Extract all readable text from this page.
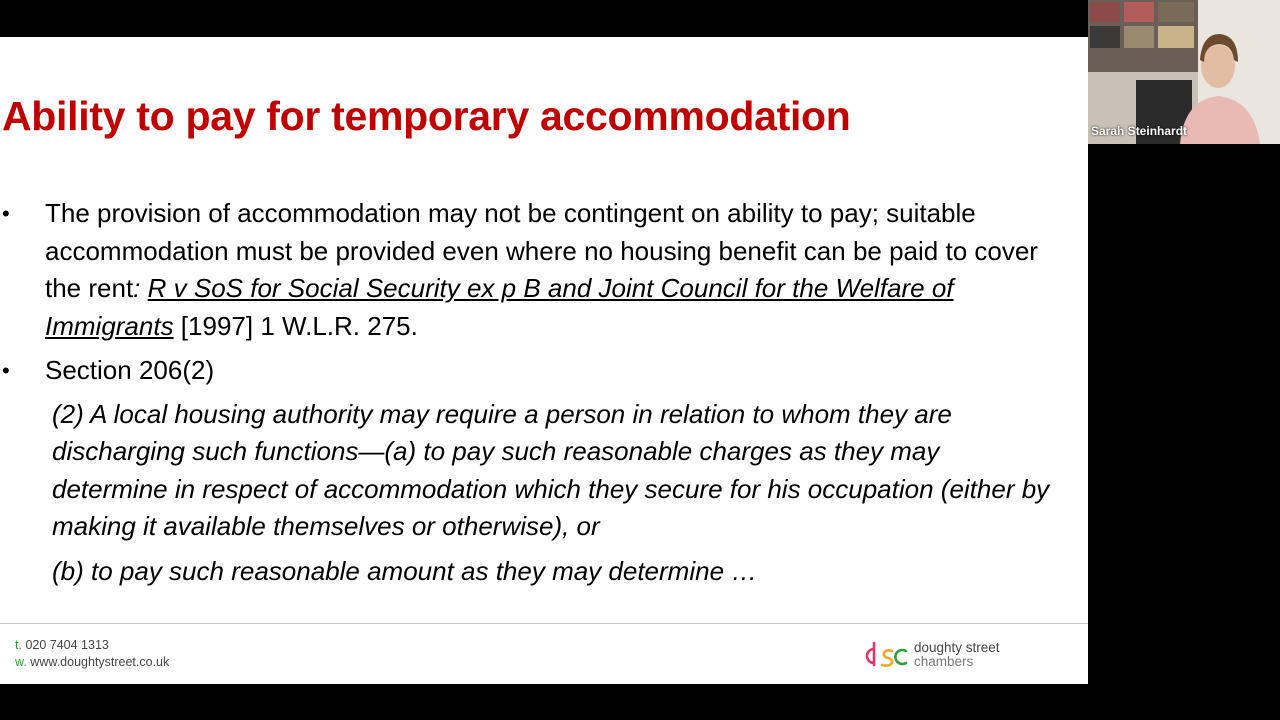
Ability to pay for temporary accommodation
• The provision of accommodation may not be contingent on ability to pay; suitable accommodation must be provided even where no housing benefit can be paid to cover the rent: R v SoS for Social Security ex p B and Joint Council for the Welfare of Immigrants [1997] 1 W.L.R. 275.
• Section 206(2)
(2) A local housing authority may require a person in relation to whom they are discharging such functions—(a) to pay such reasonable charges as they may determine in respect of accommodation which they secure for his occupation (either by making it available themselves or otherwise), or
(b) to pay such reasonable amount as they may determine …
t. 020 7404 1313
w. www.doughtystreet.co.uk
doughty street
chambers
Sarah Steinhardt
